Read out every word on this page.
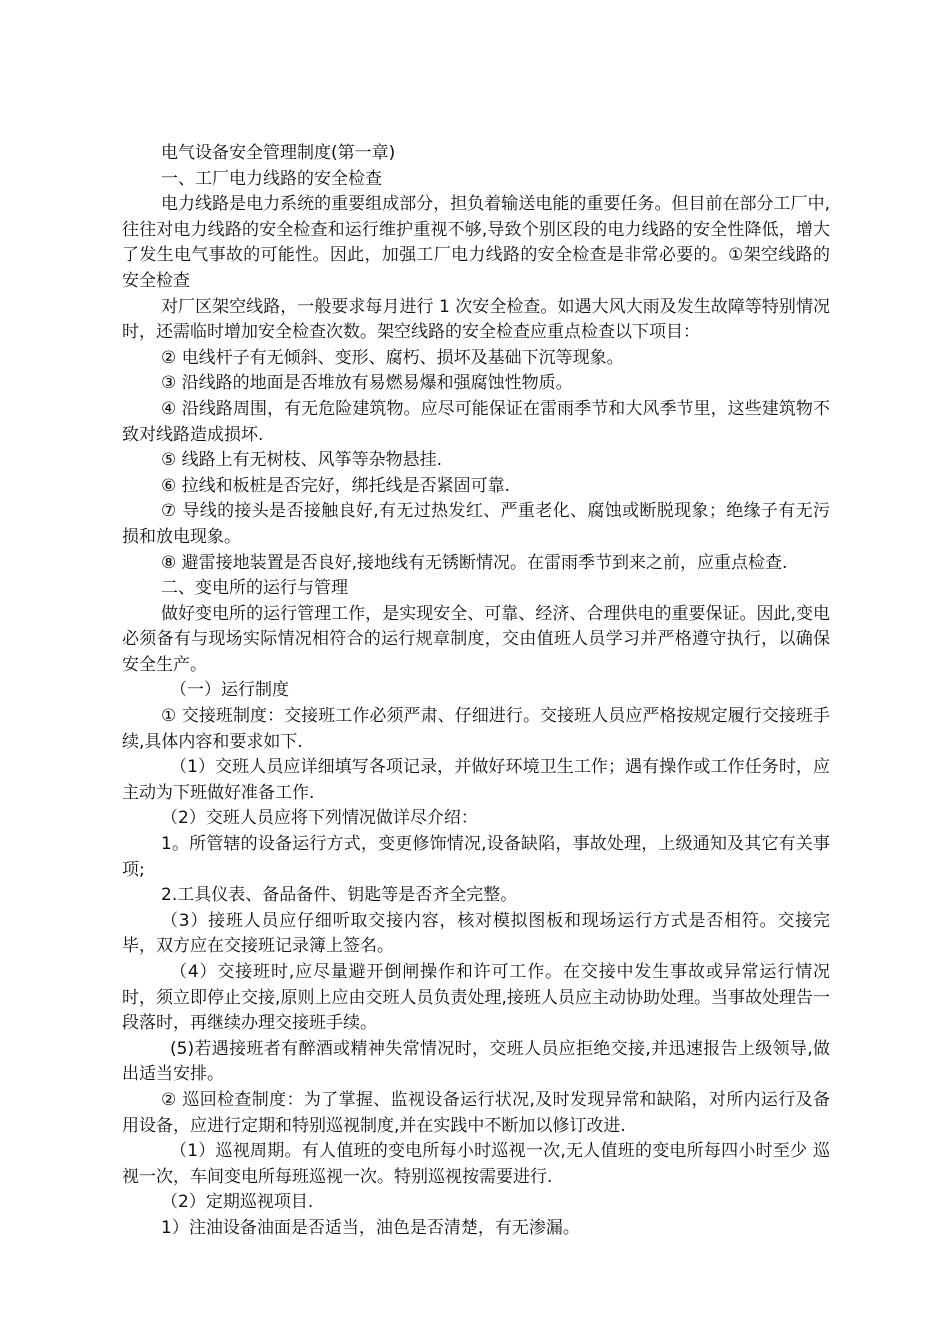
电气设备安全管理制度(第一章)

一、工厂电力线路的安全检查

电力线路是电力系统的重要组成部分，担负着输送电能的重要任务。但目前在部分工厂中,往往对电力线路的安全检查和运行维护重视不够,导致个别区段的电力线路的安全性降低，增大了发生电气事故的可能性。因此，加强工厂电力线路的安全检查是非常必要的。①架空线路的安全检查

对厂区架空线路，一般要求每月进行 1 次安全检查。如遇大风大雨及发生故障等特别情况时，还需临时增加安全检查次数。架空线路的安全检查应重点检查以下项目：

② 电线杆子有无倾斜、变形、腐朽、损坏及基础下沉等现象。

③ 沿线路的地面是否堆放有易燃易爆和强腐蚀性物质。

④ 沿线路周围，有无危险建筑物。应尽可能保证在雷雨季节和大风季节里，这些建筑物不致对线路造成损坏.

⑤ 线路上有无树枝、风筝等杂物悬挂.

⑥ 拉线和板桩是否完好，绑托线是否紧固可靠.

⑦ 导线的接头是否接触良好,有无过热发红、严重老化、腐蚀或断脱现象；绝缘子有无污损和放电现象。

⑧ 避雷接地装置是否良好,接地线有无锈断情况。在雷雨季节到来之前，应重点检查.

二、变电所的运行与管理

做好变电所的运行管理工作，是实现安全、可靠、经济、合理供电的重要保证。因此,变电必须备有与现场实际情况相符合的运行规章制度，交由值班人员学习并严格遵守执行，以确保安全生产。

（一）运行制度

① 交接班制度：交接班工作必须严肃、仔细进行。交接班人员应严格按规定履行交接班手续,具体内容和要求如下.

（1）交班人员应详细填写各项记录，并做好环境卫生工作；遇有操作或工作任务时，应主动为下班做好准备工作.

（2）交班人员应将下列情况做详尽介绍：

1。所管辖的设备运行方式，变更修饰情况,设备缺陷，事故处理，上级通知及其它有关事项;

2.工具仪表、备品备件、钥匙等是否齐全完整。

（3）接班人员应仔细听取交接内容，核对模拟图板和现场运行方式是否相符。交接完毕，双方应在交接班记录簿上签名。

（4）交接班时,应尽量避开倒闸操作和许可工作。在交接中发生事故或异常运行情况时，须立即停止交接,原则上应由交班人员负责处理,接班人员应主动协助处理。当事故处理告一段落时，再继续办理交接班手续。

(5)若遇接班者有醉酒或精神失常情况时，交班人员应拒绝交接,并迅速报告上级领导,做出适当安排。

② 巡回检查制度：为了掌握、监视设备运行状况,及时发现异常和缺陷，对所内运行及备用设备，应进行定期和特别巡视制度,并在实践中不断加以修订改进.

（1）巡视周期。有人值班的变电所每小时巡视一次,无人值班的变电所每四小时至少 巡视一次，车间变电所每班巡视一次。特别巡视按需要进行.

（2）定期巡视项目.

1）注油设备油面是否适当，油色是否清楚，有无渗漏。
